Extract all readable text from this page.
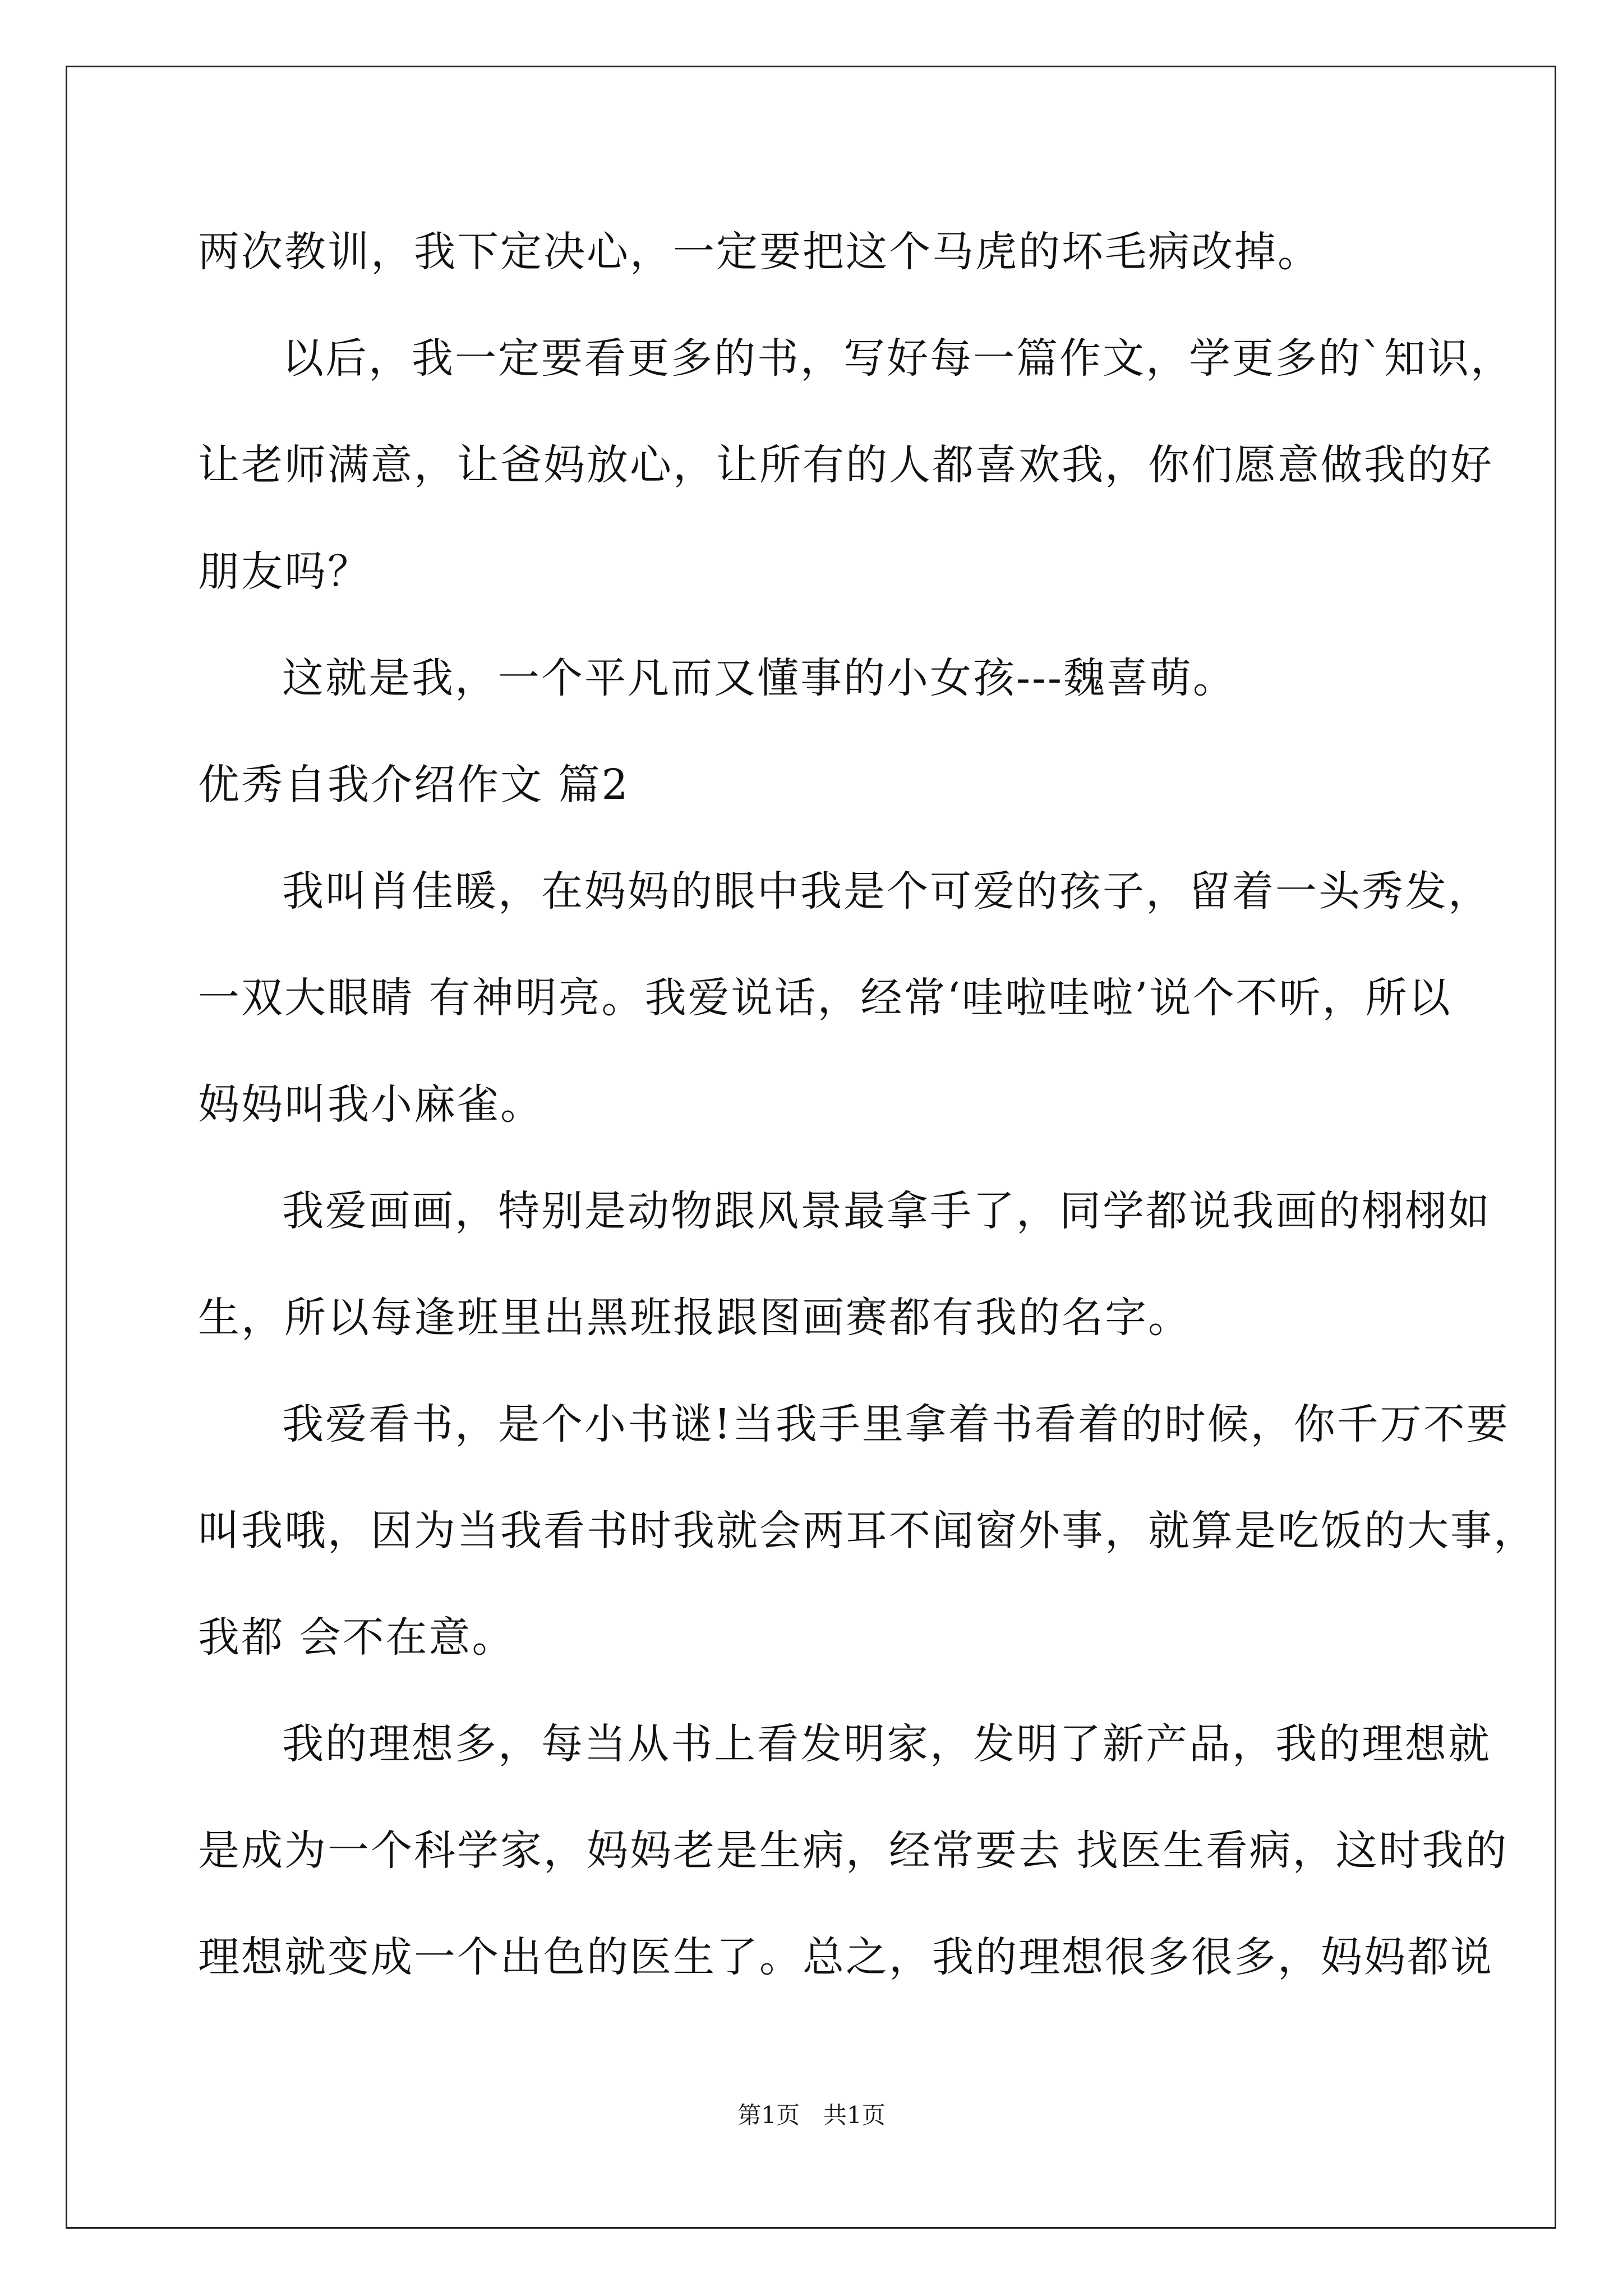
两次教训，我下定决心，一定要把这个马虎的坏毛病改掉。
以后，我一定要看更多的书，写好每一篇作文，学更多的`知识，
让老师满意，让爸妈放心，让所有的人都喜欢我，你们愿意做我的好
朋友吗？
这就是我，一个平凡而又懂事的小女孩---魏喜萌。
优秀自我介绍作文 篇2
我叫肖佳暖，在妈妈的眼中我是个可爱的孩子，留着一头秀发，
一双大眼睛 有神明亮。我爱说话，经常‘哇啦哇啦’说个不听，所以
妈妈叫我小麻雀。
我爱画画，特别是动物跟风景最拿手了，同学都说我画的栩栩如
生，所以每逢班里出黑班报跟图画赛都有我的名字。
我爱看书，是个小书谜!当我手里拿着书看着的时候，你千万不要
叫我哦，因为当我看书时我就会两耳不闻窗外事，就算是吃饭的大事，
我都 会不在意。
我的理想多，每当从书上看发明家，发明了新产品，我的理想就
是成为一个科学家，妈妈老是生病，经常要去 找医生看病，这时我的
理想就变成一个出色的医生了。总之，我的理想很多很多，妈妈都说
第1页　共1页
